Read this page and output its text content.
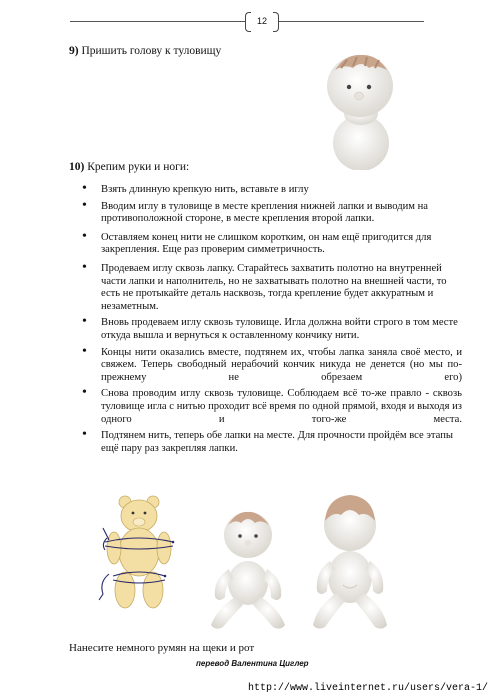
12
9) Пришить голову к туловищу
10) Крепим руки и ноги:
• Взять длинную крепкую нить, вставьте в иглу
• Вводим иглу в туловище в месте крепления нижней лапки и выводим на противоположной стороне, в месте крепления второй лапки.
• Оставляем конец нити не слишком коротким, он нам ещё пригодится для закрепления. Еще раз проверим симметричность.
• Продеваем иглу сквозь лапку. Старайтесь захватить полотно на внутренней части лапки и наполнитель, но не захватывать полотно на внешней части, то есть не протыкайте деталь насквозь, тогда крепление будет аккуратным и незаметным.
• Вновь продеваем иглу сквозь туловище. Игла должна войти строго в том месте откуда вышла и вернуться к оставленному кончику нити.
• Концы нити оказались вместе, подтянем их, чтобы лапка заняла своё место, и свяжем. Теперь свободный нерабочий кончик никуда не денется (но мы по-прежнему не обрезаем его)
• Снова проводим иглу сквозь туловище. Соблюдаем всё то-же правло - сквозь туловище игла с нитью проходит всё время по одной прямой, входя и выходя из одного и того-же места.
• Подтянем нить, теперь обе лапки на месте. Для прочности пройдём все этапы ещё пару раз закрепляя лапки.
Нанесите немного румян на щеки и рот
перевод Валентина Циглер
http://www.liveinternet.ru/users/vera-1/
